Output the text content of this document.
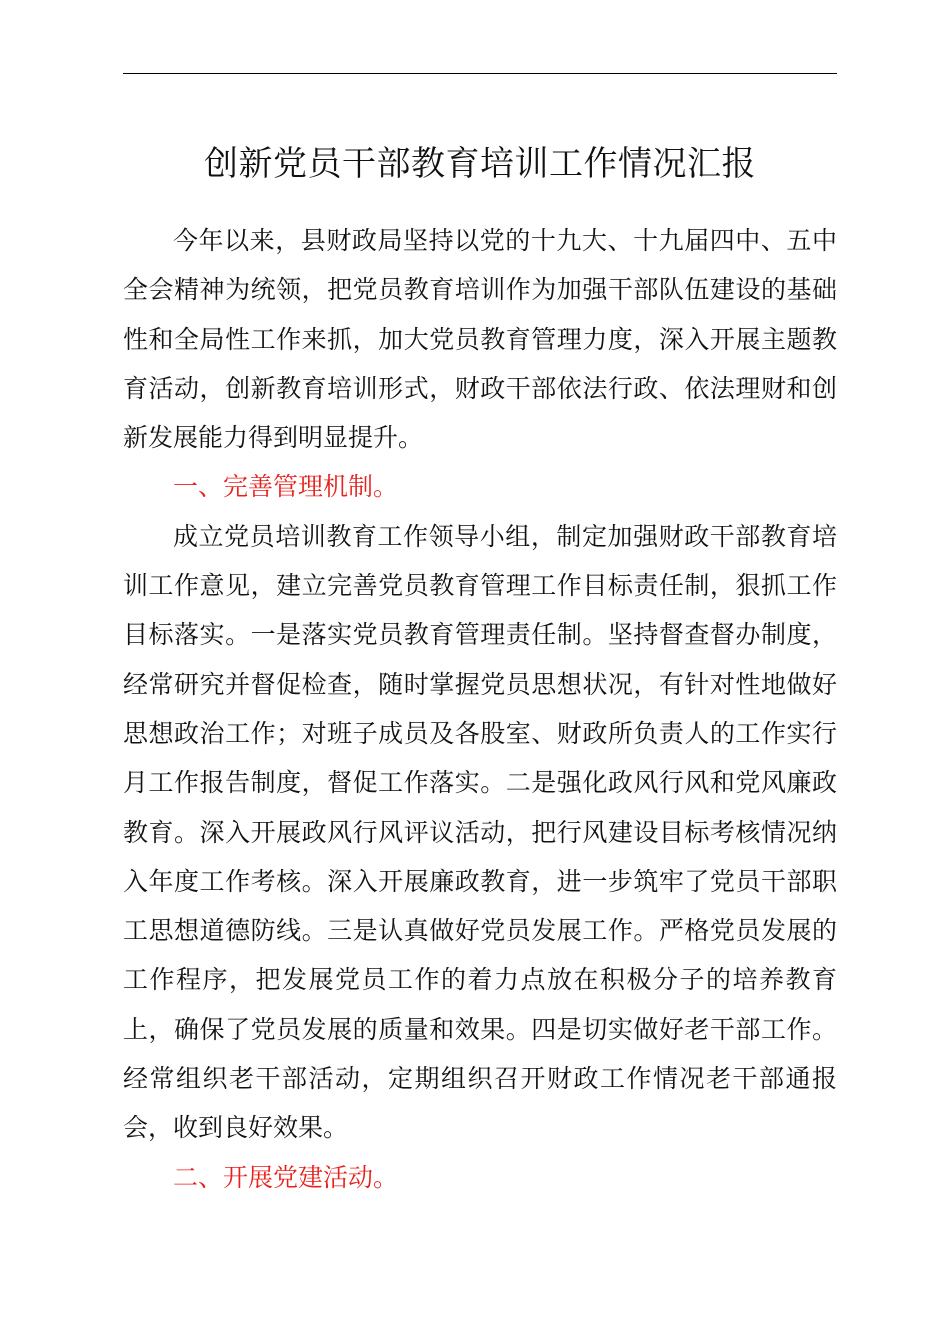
创新党员干部教育培训工作情况汇报

今年以来，县财政局坚持以党的十九大、十九届四中、五中全会精神为统领，把党员教育培训作为加强干部队伍建设的基础性和全局性工作来抓，加大党员教育管理力度，深入开展主题教育活动，创新教育培训形式，财政干部依法行政、依法理财和创新发展能力得到明显提升。

一、完善管理机制。

成立党员培训教育工作领导小组，制定加强财政干部教育培训工作意见，建立完善党员教育管理工作目标责任制，狠抓工作目标落实。一是落实党员教育管理责任制。坚持督查督办制度，经常研究并督促检查，随时掌握党员思想状况，有针对性地做好思想政治工作；对班子成员及各股室、财政所负责人的工作实行月工作报告制度，督促工作落实。二是强化政风行风和党风廉政教育。深入开展政风行风评议活动，把行风建设目标考核情况纳入年度工作考核。深入开展廉政教育，进一步筑牢了党员干部职工思想道德防线。三是认真做好党员发展工作。严格党员发展的工作程序，把发展党员工作的着力点放在积极分子的培养教育上，确保了党员发展的质量和效果。四是切实做好老干部工作。经常组织老干部活动，定期组织召开财政工作情况老干部通报会，收到良好效果。

二、开展党建活动。
